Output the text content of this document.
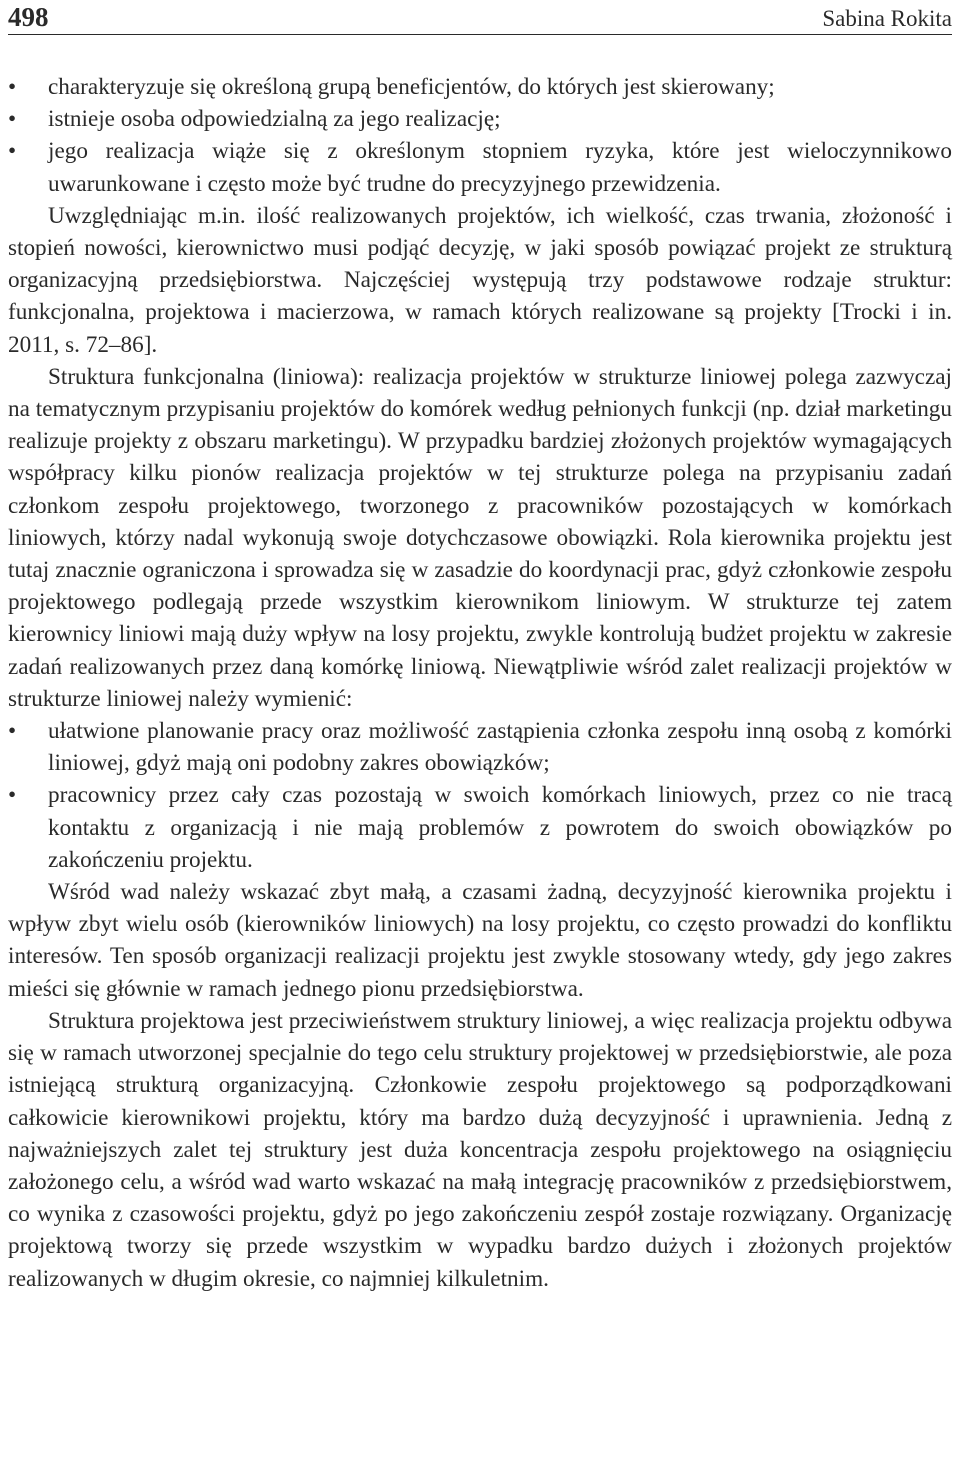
498	Sabina Rokita
• charakteryzuje się określoną grupą beneficjentów, do których jest skierowany;
• istnieje osoba odpowiedzialną za jego realizację;
• jego realizacja wiąże się z określonym stopniem ryzyka, które jest wieloczynnikowo uwarunkowane i często może być trudne do precyzyjnego przewidzenia.

Uwzględniając m.in. ilość realizowanych projektów, ich wielkość, czas trwania, złożoność i stopień nowości, kierownictwo musi podjąć decyzję, w jaki sposób powiązać projekt ze strukturą organizacyjną przedsiębiorstwa. Najczęściej występują trzy podstawowe rodzaje struktur: funkcjonalna, projektowa i macierzowa, w ramach których realizowane są projekty [Trocki i in. 2011, s. 72–86].

Struktura funkcjonalna (liniowa): realizacja projektów w strukturze liniowej polega zazwyczaj na tematycznym przypisaniu projektów do komórek według pełnionych funkcji (np. dział marketingu realizuje projekty z obszaru marketingu). W przypadku bardziej złożonych projektów wymagających współpracy kilku pionów realizacja projektów w tej strukturze polega na przypisaniu zadań członkom zespołu projektowego, tworzonego z pracowników pozostających w komórkach liniowych, którzy nadal wykonują swoje dotychczasowe obowiązki. Rola kierownika projektu jest tutaj znacznie ograniczona i sprowadza się w zasadzie do koordynacji prac, gdyż członkowie zespołu projektowego podlegają przede wszystkim kierownikom liniowym. W strukturze tej zatem kierownicy liniowi mają duży wpływ na losy projektu, zwykle kontrolują budżet projektu w zakresie zadań realizowanych przez daną komórkę liniową. Niewątpliwie wśród zalet realizacji projektów w strukturze liniowej należy wymienić:

• ułatwione planowanie pracy oraz możliwość zastąpienia członka zespołu inną osobą z komórki liniowej, gdyż mają oni podobny zakres obowiązków;
• pracownicy przez cały czas pozostają w swoich komórkach liniowych, przez co nie tracą kontaktu z organizacją i nie mają problemów z powrotem do swoich obowiązków po zakończeniu projektu.

Wśród wad należy wskazać zbyt małą, a czasami żadną, decyzyjność kierownika projektu i wpływ zbyt wielu osób (kierowników liniowych) na losy projektu, co często prowadzi do konfliktu interesów. Ten sposób organizacji realizacji projektu jest zwykle stosowany wtedy, gdy jego zakres mieści się głównie w ramach jednego pionu przedsiębiorstwa.

Struktura projektowa jest przeciwieństwem struktury liniowej, a więc realizacja projektu odbywa się w ramach utworzonej specjalnie do tego celu struktury projektowej w przedsiębiorstwie, ale poza istniejącą strukturą organizacyjną. Członkowie zespołu projektowego są podporządkowani całkowicie kierownikowi projektu, który ma bardzo dużą decyzyjność i uprawnienia. Jedną z najważniejszych zalet tej struktury jest duża koncentracja zespołu projektowego na osiągnięciu założonego celu, a wśród wad warto wskazać na małą integrację pracowników z przedsiębiorstwem, co wynika z czasowości projektu, gdyż po jego zakończeniu zespół zostaje rozwiązany. Organizację projektową tworzy się przede wszystkim w wypadku bardzo dużych i złożonych projektów realizowanych w długim okresie, co najmniej kilkuletnim.
